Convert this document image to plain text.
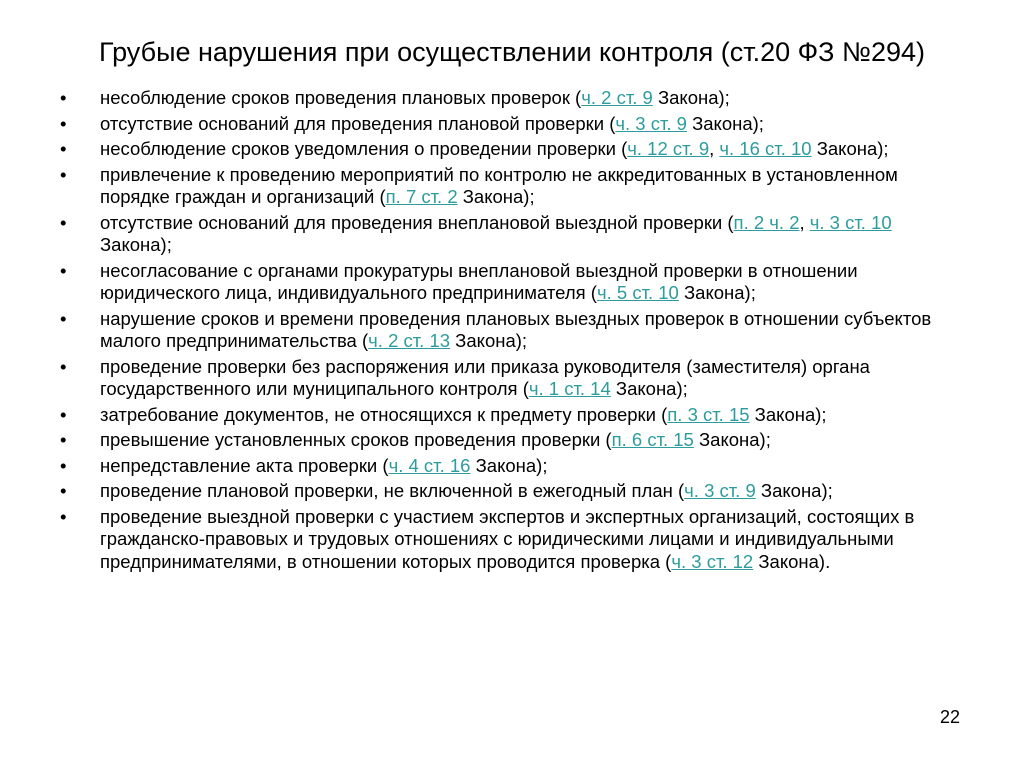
Грубые нарушения при осуществлении контроля (ст.20 ФЗ №294)
•	несоблюдение сроков проведения плановых проверок (ч. 2 ст. 9 Закона);
•	отсутствие оснований для проведения плановой проверки (ч. 3 ст. 9 Закона);
•	несоблюдение сроков уведомления о проведении проверки (ч. 12 ст. 9, ч. 16 ст. 10 Закона);
•	привлечение к проведению мероприятий по контролю не аккредитованных в установленном порядке граждан и организаций (п. 7 ст. 2 Закона);
•	отсутствие оснований для проведения внеплановой выездной проверки (п. 2 ч. 2, ч. 3 ст. 10 Закона);
•	несогласование с органами прокуратуры внеплановой выездной проверки в отношении юридического лица, индивидуального предпринимателя (ч. 5 ст. 10 Закона);
•	нарушение сроков и времени проведения плановых выездных проверок в отношении субъектов малого предпринимательства (ч. 2 ст. 13 Закона);
•	проведение проверки без распоряжения или приказа руководителя (заместителя) органа государственного или муниципального контроля (ч. 1 ст. 14 Закона);
•	затребование документов, не относящихся к предмету проверки (п. 3 ст. 15 Закона);
•	превышение установленных сроков проведения проверки (п. 6 ст. 15 Закона);
•	непредставление акта проверки (ч. 4 ст. 16 Закона);
•	проведение плановой проверки, не включенной в ежегодный план (ч. 3 ст. 9 Закона);
•	проведение выездной проверки с участием экспертов и экспертных организаций, состоящих в гражданско-правовых и трудовых отношениях с юридическими лицами и индивидуальными предпринимателями, в отношении которых проводится проверка (ч. 3 ст. 12 Закона).
22
